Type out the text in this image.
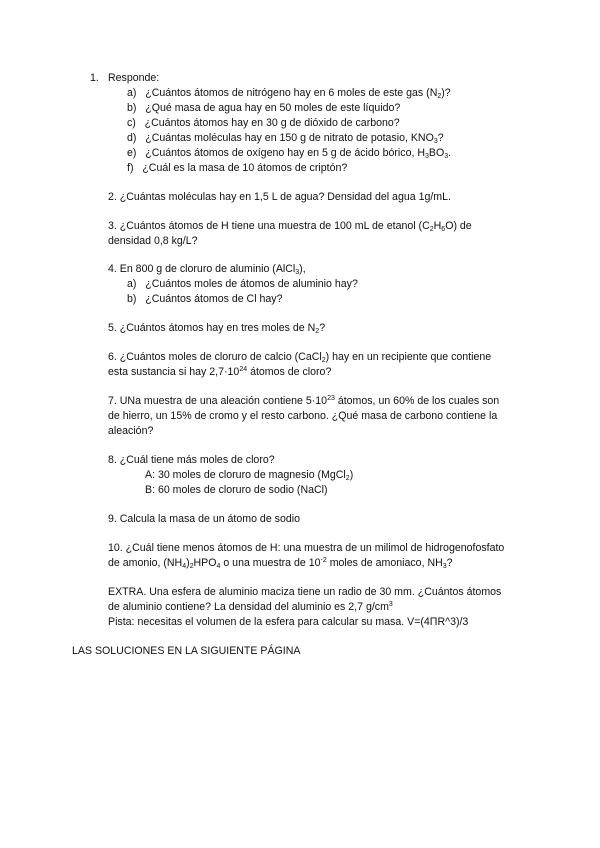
1. Responde:
a) ¿Cuántos átomos de nitrógeno hay en 6 moles de este gas $(N_2)$?
b) ¿Qué masa de agua hay en 50 moles de este líquido?
c) ¿Cuántos átomos hay en 30 g de dióxido de carbono?
d) ¿Cuántas moléculas hay en 150 g de nitrato de potasio, $KNO_3$?
e) ¿Cuántos átomos de oxígeno hay en 5 g de ácido bórico, $H_3BO_3$.
f) ¿Cuál es la masa de 10 átomos de criptón?
2. ¿Cuántas moléculas hay en 1,5 L de agua? Densidad del agua 1g/mL.
3. ¿Cuántos átomos de H tiene una muestra de 100 mL de etanol $(C_2H_6O)$ de
densidad 0,8 kg/L?
4. En 800 g de cloruro de aluminio (AlCl$_3$),
a) ¿Cuántos moles de átomos de aluminio hay?
b) ¿Cuántos átomos de Cl hay?
5. ¿Cuántos átomos hay en tres moles de $N_2$?
6. ¿Cuántos moles de cloruro de calcio (CaCl$_2$) hay en un recipiente que contiene
esta sustancia si hay $2,7\cdot 10^{24}$ átomos de cloro?
7. UNa muestra de una aleación contiene $5\cdot 10^{23}$ átomos, un 60% de los cuales son
de hierro, un 15% de cromo y el resto carbono. ¿Qué masa de carbono contiene la
aleación?
8. ¿Cuál tiene más moles de cloro?
A: 30 moles de cloruro de magnesio (MgCl$_2$)
B: 60 moles de cloruro de sodio (NaCl)
9. Calcula la masa de un átomo de sodio
10. ¿Cuál tiene menos átomos de H: una muestra de un milimol de hidrogenofosfato
de amonio, $(NH_4)_2HPO_4$ o una muestra de $10^{-2}$ moles de amoniaco, $NH_3$?
EXTRA. Una esfera de aluminio maciza tiene un radio de 30 mm. ¿Cuántos átomos
de aluminio contiene? La densidad del aluminio es 2,7 $g/cm^3$
Pista: necesitas el volumen de la esfera para calcular su masa. V=(4ΠR^3)/3
LAS SOLUCIONES EN LA SIGUIENTE PÁGINA
